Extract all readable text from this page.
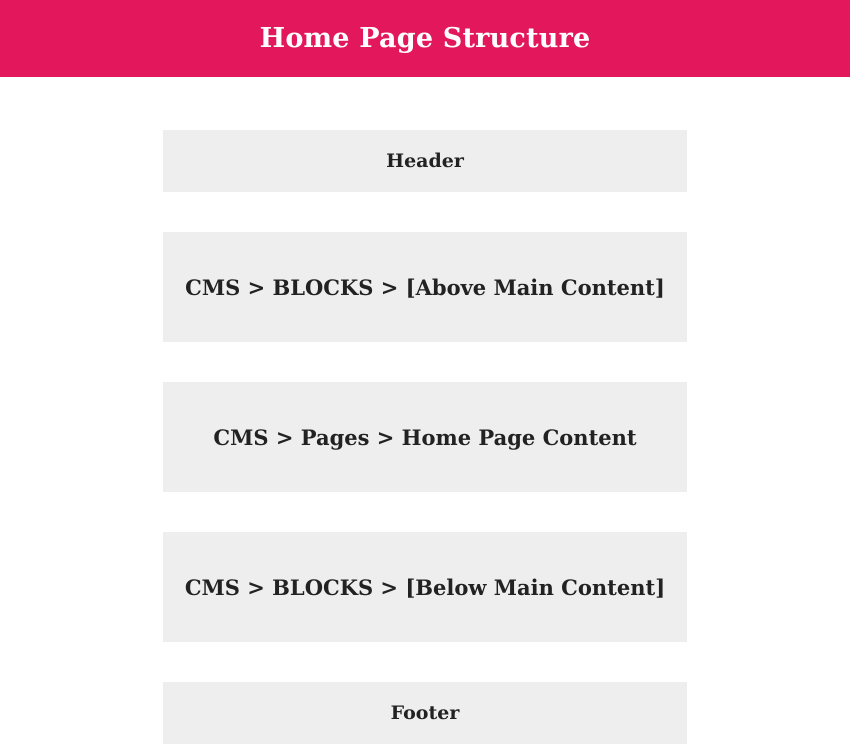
Home Page Structure
Header
CMS > BLOCKS > [Above Main Content]
CMS > Pages > Home Page Content
CMS > BLOCKS > [Below Main Content]
Footer
